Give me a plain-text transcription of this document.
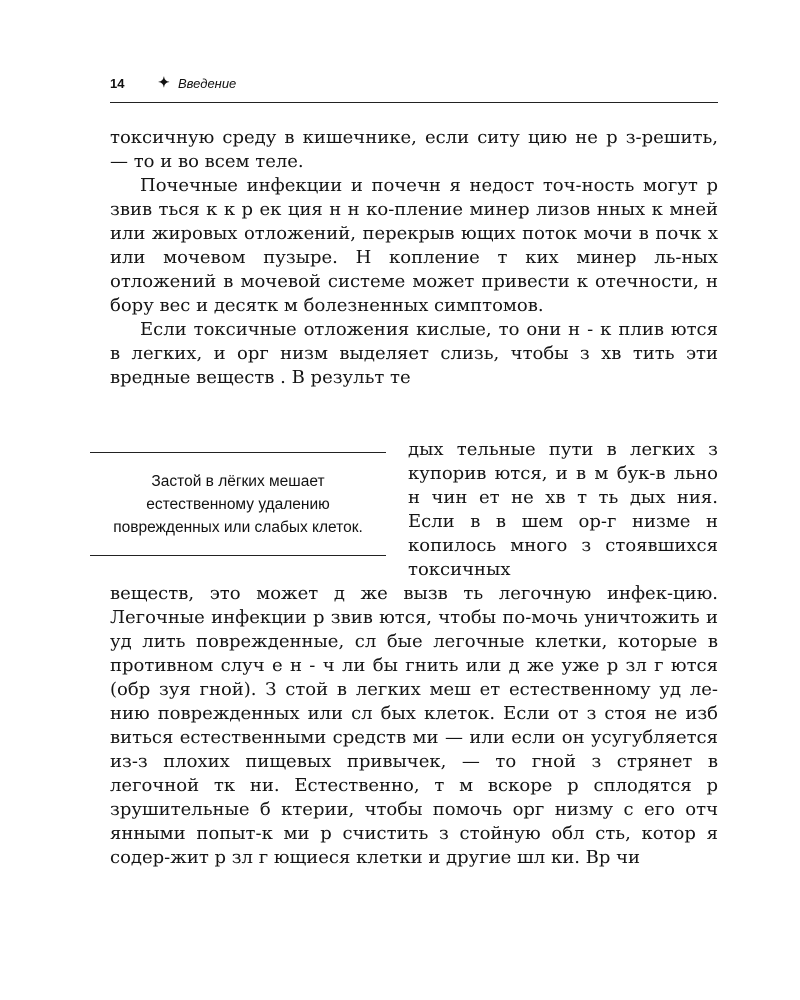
14 ✦ Введение

токсичную среду в кишечнике, если ситу цию не р з-решить, — то и во всем теле.

Почечные инфекции и почечн я недост точ-ность могут р звив ться к к р ек ция н н ко-пление минер лизов нных к мней или жировых отложений, перекрыв ющих поток мочи в почк х или мочевом пузыре. Н копление т ких минер ль-ных отложений в мочевой системе может привести к отечности, н бору вес и десятк м болезненных симптомов.

Если токсичные отложения кислые, то они н - к плив ются в легких, и орг низм выделяет слизь, чтобы з хв тить эти вредные веществ . В результ те

Застой в лёгких мешает естественному удалению поврежденных или слабых клеток.

дых тельные пути в легких з купорив ются, и в м бук-в льно н чин ет не хв т ть дых ния. Если в в шем ор-г низме н копилось много з стоявшихся токсичных

веществ, это может д же вызв ть легочную инфек-цию. Легочные инфекции р звив ются, чтобы по-мочь уничтожить и уд лить поврежденные, сл бые легочные клетки, которые в противном случ е н - ч ли бы гнить или д же уже р зл г ются (обр зуя гной). З стой в легких меш ет естественному уд ле-нию поврежденных или сл бых клеток. Если от з стоя не изб виться естественными средств ми — или если он усугубляется из-з плохих пищевых привычек, — то гной з стрянет в легочной тк ни. Естественно, т м вскоре р сплодятся р зрушительные б ктерии, чтобы помочь орг низму с его отч янными попыт-к ми р счистить з стойную обл сть, котор я содер-жит р зл г ющиеся клетки и другие шл ки. Вр чи
